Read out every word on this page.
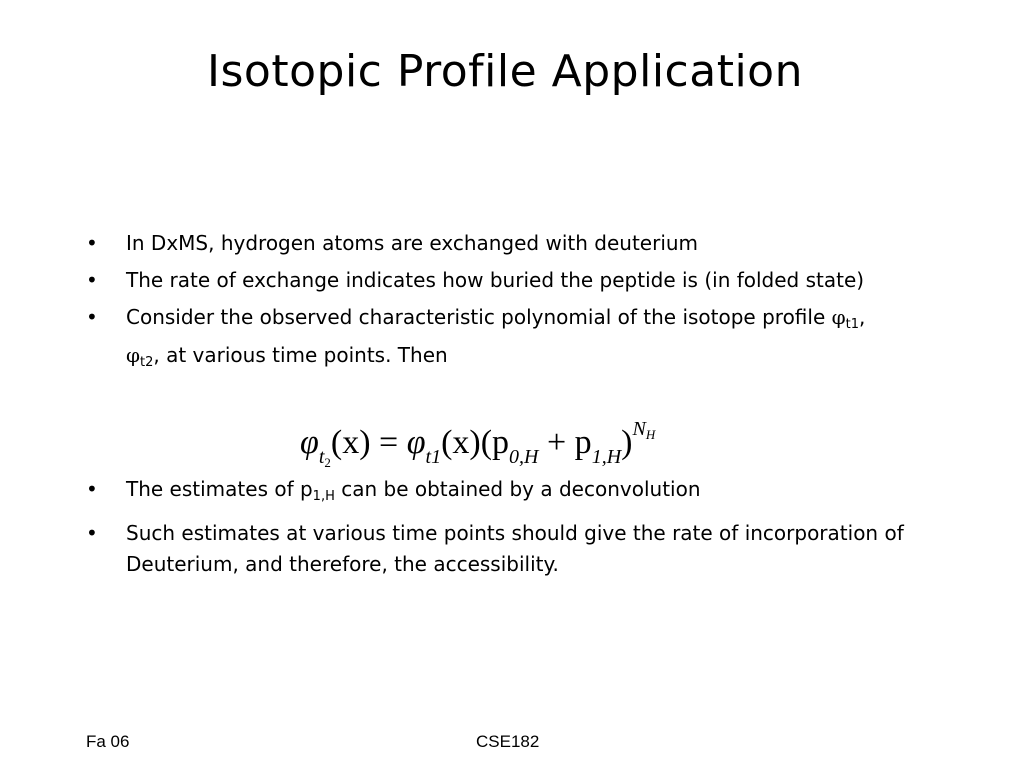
Isotopic Profile Application
• In DxMS, hydrogen atoms are exchanged with deuterium
• The rate of exchange indicates how buried the peptide is (in folded state)
• Consider the observed characteristic polynomial of the isotope profile $\varphi_{t1}$, $\varphi_{t2}$, at various time points. Then
$\varphi_{t_2}(x) = \varphi_{t1}(x)(p_{0,H} + p_{1,H})^{N_H}$
• The estimates of $p_{1,H}$ can be obtained by a deconvolution
• Such estimates at various time points should give the rate of incorporation of Deuterium, and therefore, the accessibility.
Fa 06	CSE182
